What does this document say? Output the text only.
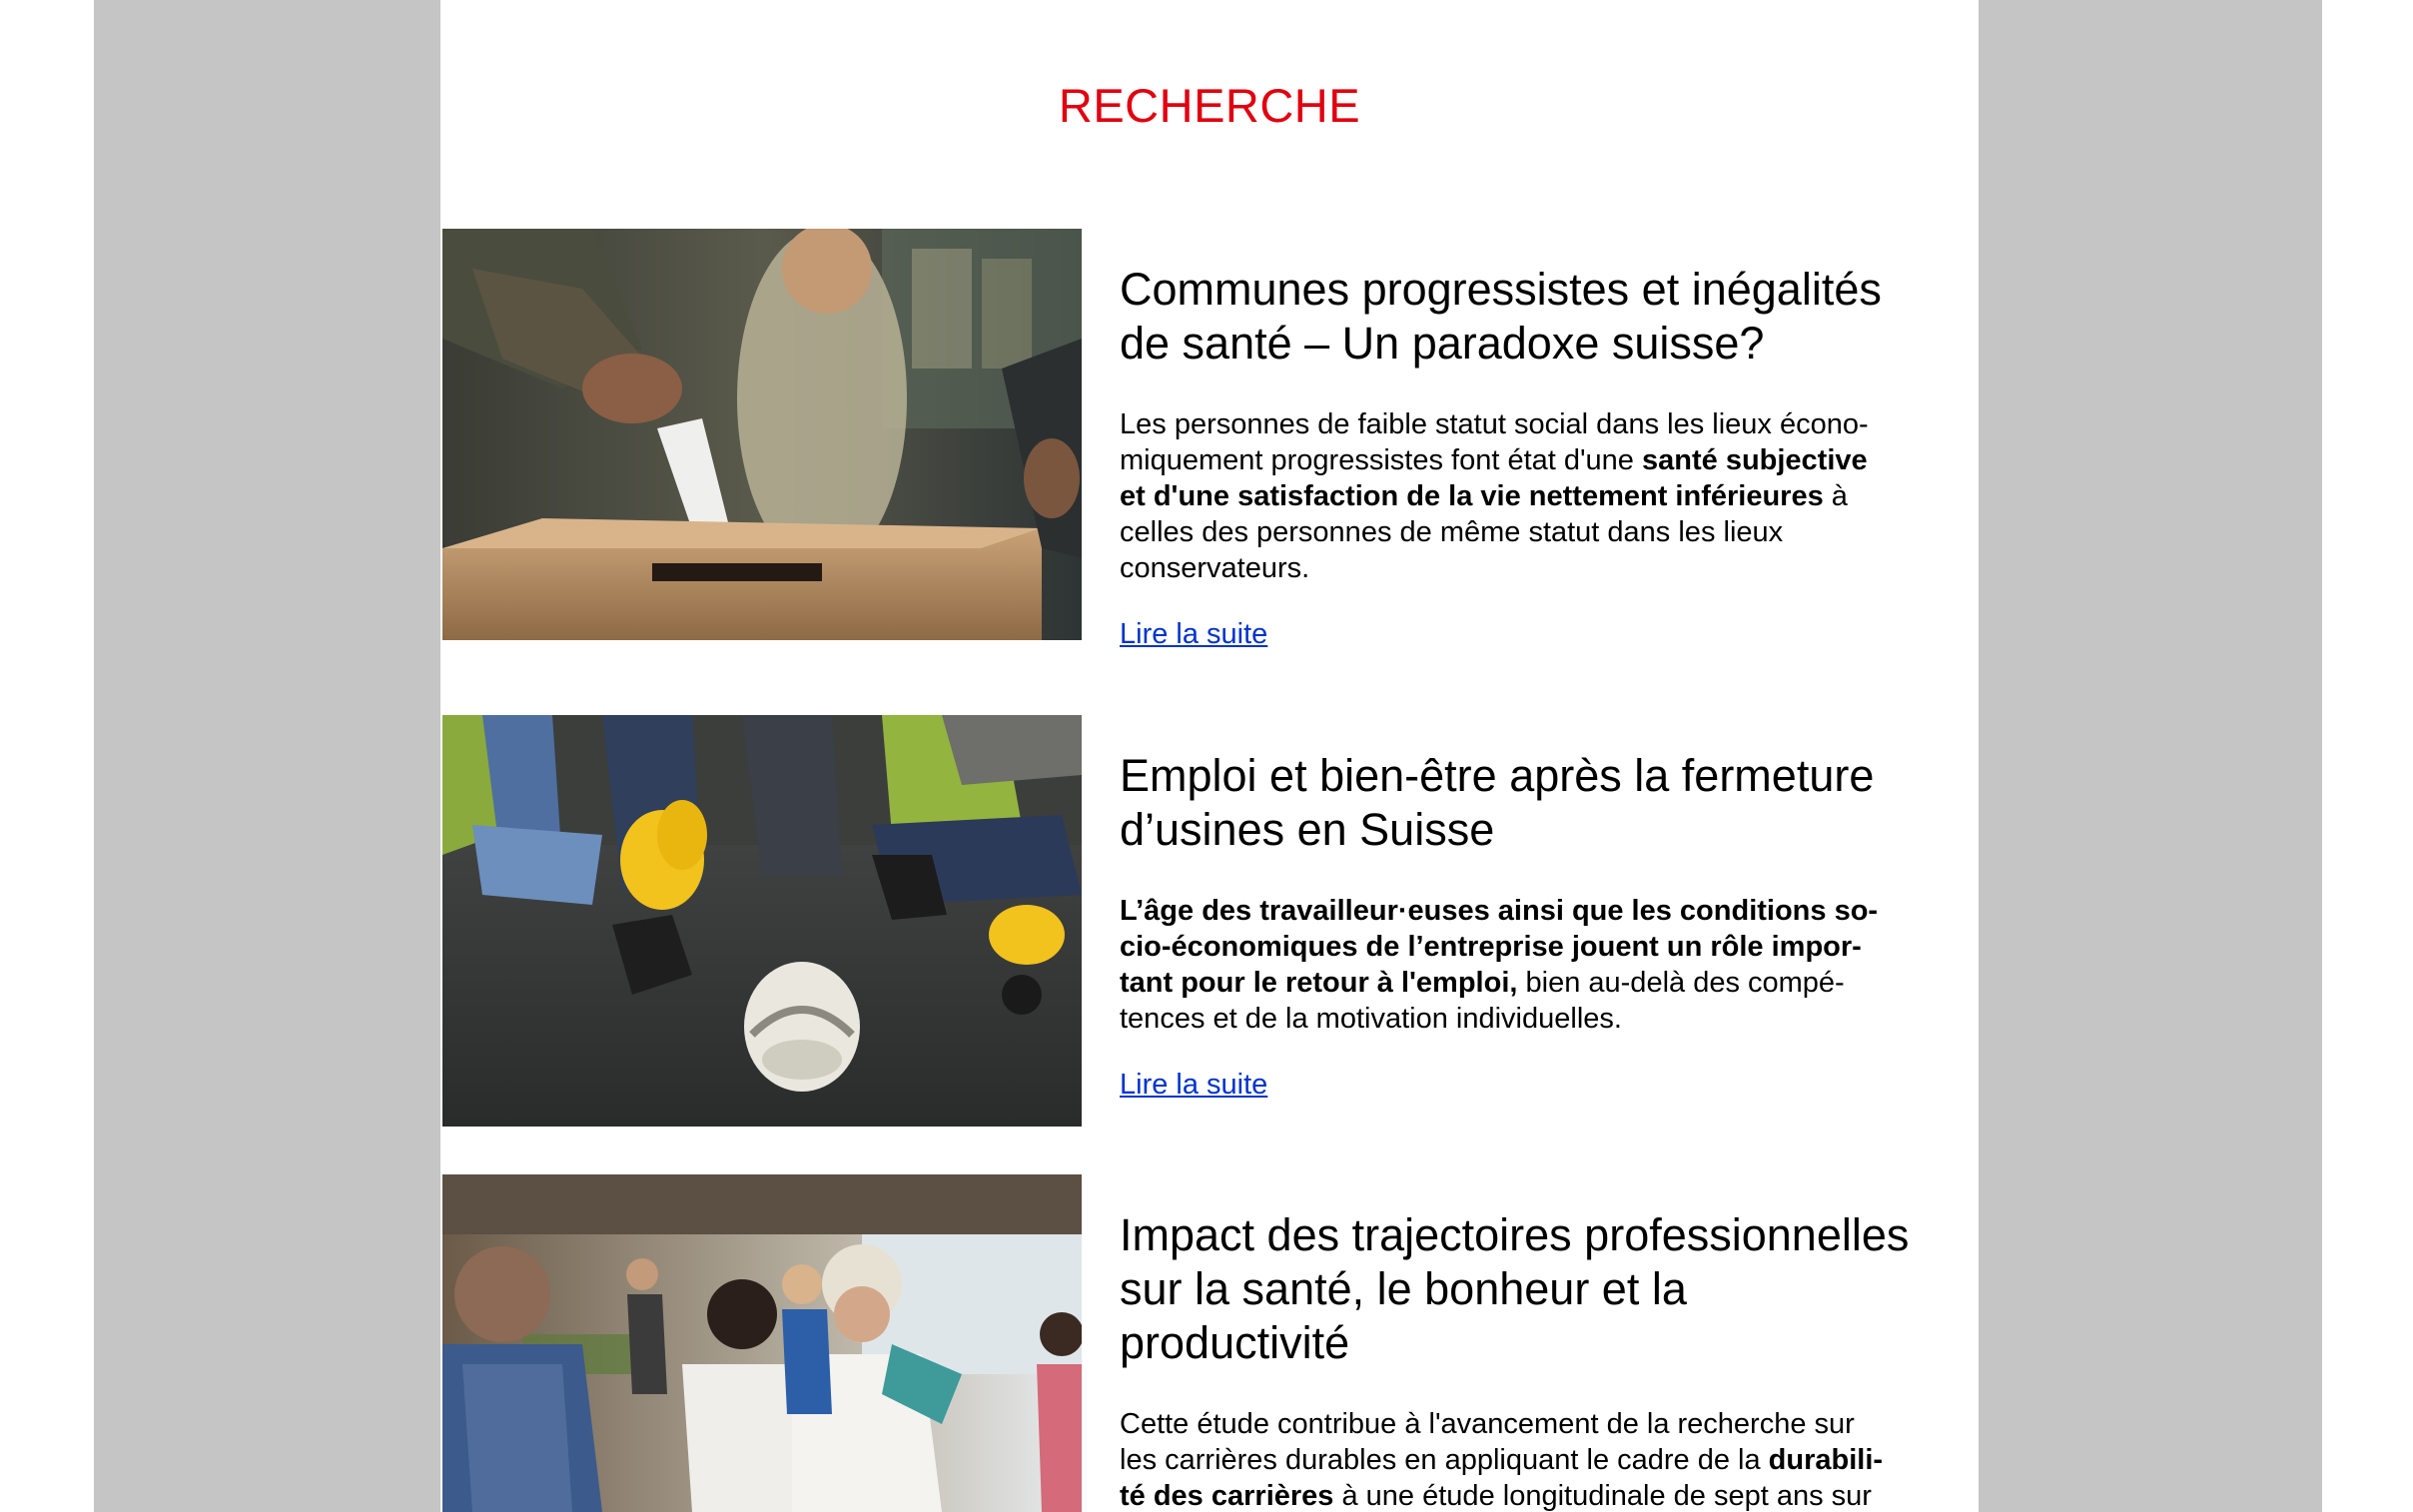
RECHERCHE
Communes progressistes et inégalités
de santé – Un paradoxe suisse?

Les personnes de faible statut social dans les lieux écono-
miquement progressistes font état d'une santé subjective
et d'une satisfaction de la vie nettement inférieures à
celles des personnes de même statut dans les lieux
conservateurs.

Lire la suite
Emploi et bien-être après la fermeture
d’usines en Suisse

L’âge des travailleur·euses ainsi que les conditions so-
cio-économiques de l’entreprise jouent un rôle impor-
tant pour le retour à l'emploi, bien au-delà des compé-
tences et de la motivation individuelles.

Lire la suite
Impact des trajectoires professionnelles
sur la santé, le bonheur et la
productivité

Cette étude contribue à l'avancement de la recherche sur
les carrières durables en appliquant le cadre de la durabili-
té des carrières à une étude longitudinale de sept ans sur
